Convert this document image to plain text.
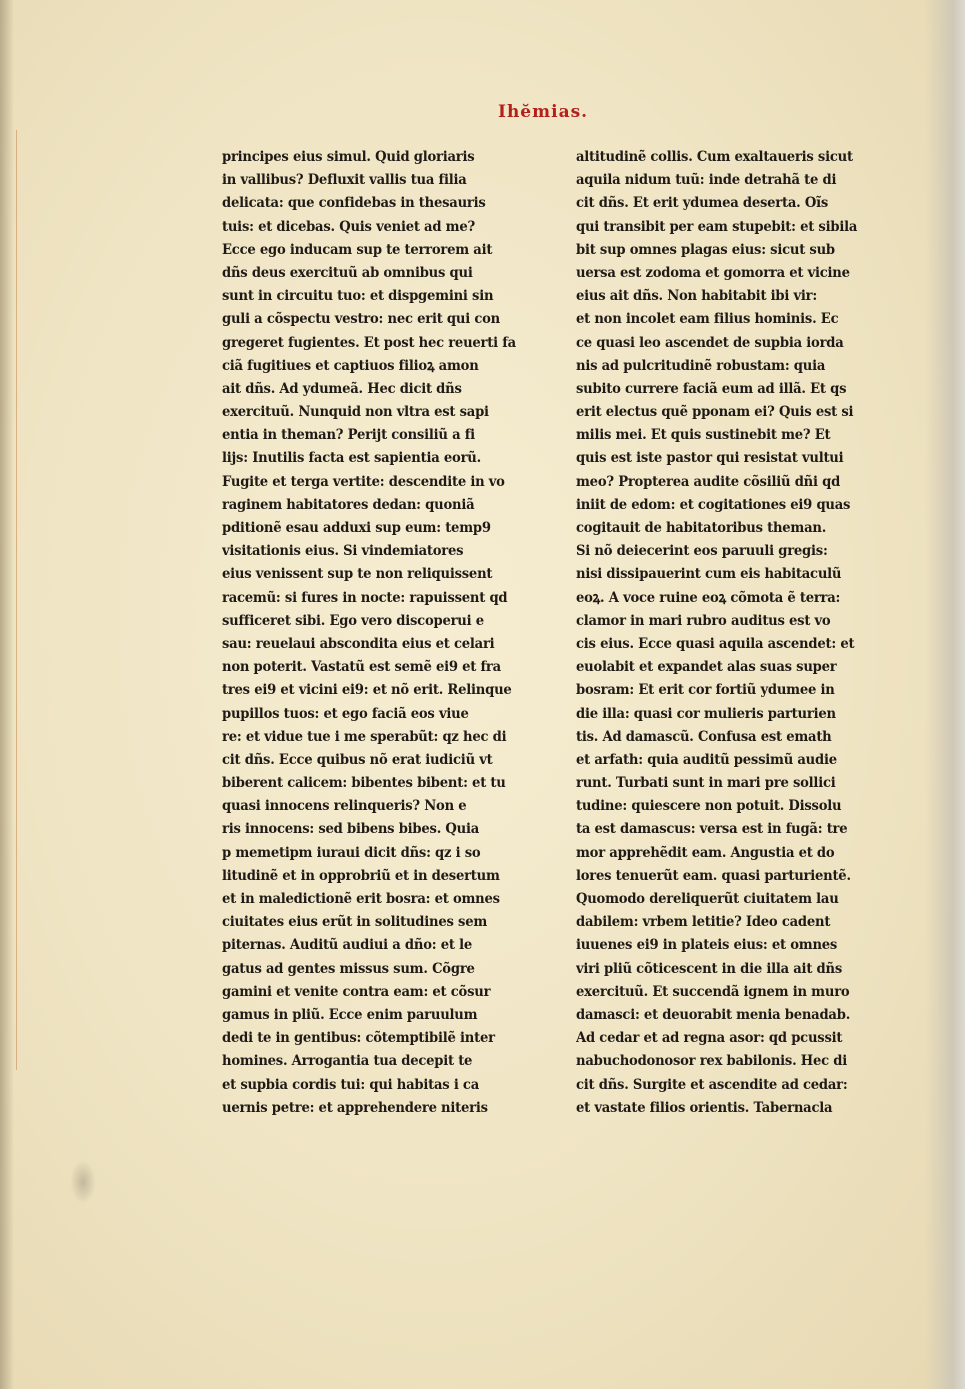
Ihĕmias.
principes eius simul. Quid gloriaris
in vallibus? Defluxit vallis tua filia
delicata: que confidebas in thesauris
tuis: et dicebas. Quis veniet ad me?
Ecce ego inducam sup te terrorem ait
dñs deus exercituũ ab omnibus qui
sunt in circuitu tuo: et dispgemini sin
guli a cõspectu vestro: nec erit qui con
gregeret fugientes. Et post hec reuerti fa
ciã fugitiues et captiuos filioꝝ amon
ait dñs. Ad ydumeã. Hec dicit dñs
exercituũ. Nunquid non vltra est sapi
entia in theman? Perijt consiliũ a fi
lijs: Inutilis facta est sapientia eorũ.
Fugite et terga vertite: descendite in vo
raginem habitatores dedan: quoniã
pditionẽ esau adduxi sup eum: temp9
visitationis eius. Si vindemiatores
eius venissent sup te non reliquissent
racemũ: si fures in nocte: rapuissent qd
sufficeret sibi. Ego vero discoperui e
sau: reuelaui abscondita eius et celari
non poterit. Vastatũ est semẽ ei9 et fra
tres ei9 et vicini ei9: et nõ erit. Relinque
pupillos tuos: et ego faciã eos viue
re: et vidue tue i me sperabũt: qz hec di
cit dñs. Ecce quibus nõ erat iudiciũ vt
biberent calicem: bibentes bibent: et tu
quasi innocens relinqueris? Non e
ris innocens: sed bibens bibes. Quia
p memetipm iuraui dicit dñs: qz i so
litudinẽ et in opprobriũ et in desertum
et in maledictionẽ erit bosra: et omnes
ciuitates eius erũt in solitudines sem
piternas. Auditũ audiui a dño: et le
gatus ad gentes missus sum. Cõgre
gamini et venite contra eam: et cõsur
gamus in pliũ. Ecce enim paruulum
dedi te in gentibus: cõtemptibilẽ inter
homines. Arrogantia tua decepit te
et supbia cordis tui: qui habitas i ca
uernis petre: et apprehendere niteris
altitudinẽ collis. Cum exaltaueris sicut
aquila nidum tuũ: inde detrahã te di
cit dñs. Et erit ydumea deserta. Oĩs
qui transibit per eam stupebit: et sibila
bit sup omnes plagas eius: sicut sub
uersa est zodoma et gomorra et vicine
eius ait dñs. Non habitabit ibi vir:
et non incolet eam filius hominis. Ec
ce quasi leo ascendet de supbia iorda
nis ad pulcritudinẽ robustam: quia
subito currere faciã eum ad illã. Et qs
erit electus quẽ pponam ei? Quis est si
milis mei. Et quis sustinebit me? Et
quis est iste pastor qui resistat vultui
meo? Propterea audite cõsiliũ dñi qd
iniit de edom: et cogitationes ei9 quas
cogitauit de habitatoribus theman.
Si nõ deiecerint eos paruuli gregis:
nisi dissipauerint cum eis habitaculũ
eoꝝ. A voce ruine eoꝝ cõmota ẽ terra:
clamor in mari rubro auditus est vo
cis eius. Ecce quasi aquila ascendet: et
euolabit et expandet alas suas super
bosram: Et erit cor fortiũ ydumee in
die illa: quasi cor mulieris parturien
tis. Ad damascũ. Confusa est emath
et arfath: quia auditũ pessimũ audie
runt. Turbati sunt in mari pre sollici
tudine: quiescere non potuit. Dissolu
ta est damascus: versa est in fugã: tre
mor apprehẽdit eam. Angustia et do
lores tenuerũt eam. quasi parturientẽ.
Quomodo dereliquerũt ciuitatem lau
dabilem: vrbem letitie? Ideo cadent
iuuenes ei9 in plateis eius: et omnes
viri pliũ cõticescent in die illa ait dñs
exercituũ. Et succendã ignem in muro
damasci: et deuorabit menia benadab.
Ad cedar et ad regna asor: qd pcussit
nabuchodonosor rex babilonis. Hec di
cit dñs. Surgite et ascendite ad cedar:
et vastate filios orientis. Tabernacla
